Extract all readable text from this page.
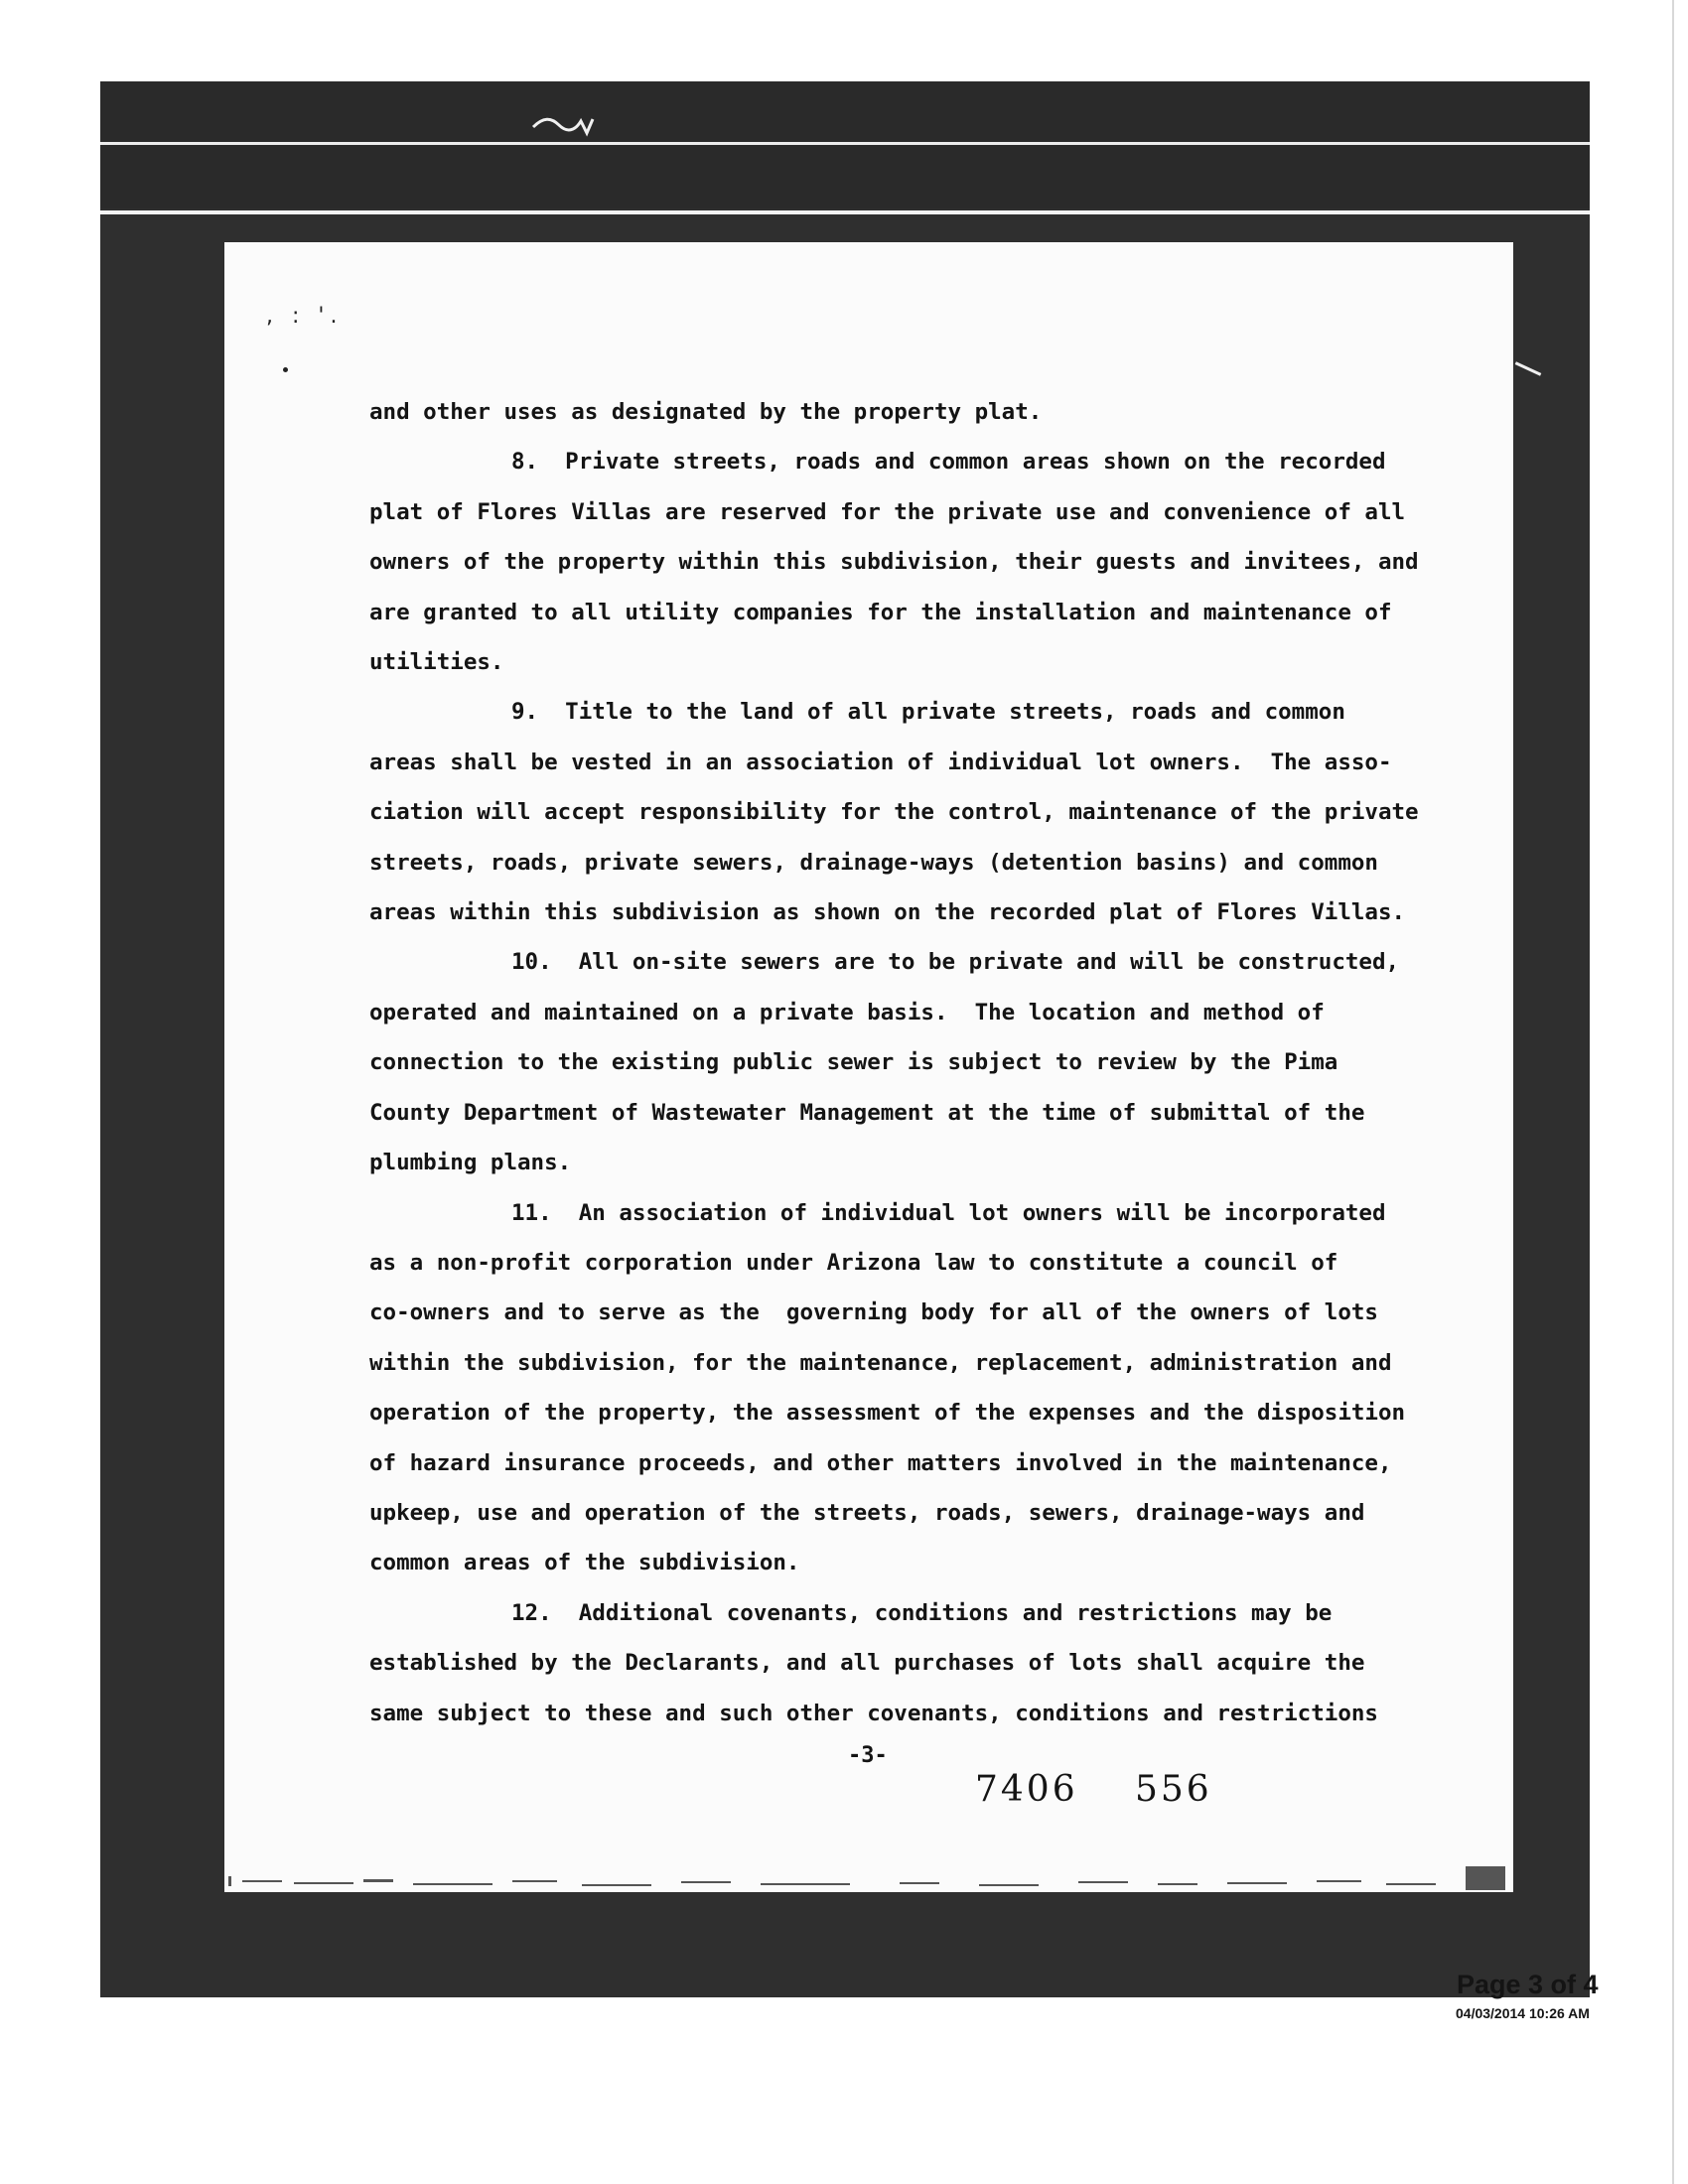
, : '.

and other uses as designated by the property plat.

8.  Private streets, roads and common areas shown on the recorded

plat of Flores Villas are reserved for the private use and convenience of all

owners of the property within this subdivision, their guests and invitees, and

are granted to all utility companies for the installation and maintenance of

utilities.

9.  Title to the land of all private streets, roads and common

areas shall be vested in an association of individual lot owners.  The asso-

ciation will accept responsibility for the control, maintenance of the private

streets, roads, private sewers, drainage-ways (detention basins) and common

areas within this subdivision as shown on the recorded plat of Flores Villas.

10.  All on-site sewers are to be private and will be constructed,

operated and maintained on a private basis.  The location and method of

connection to the existing public sewer is subject to review by the Pima

County Department of Wastewater Management at the time of submittal of the

plumbing plans.

11.  An association of individual lot owners will be incorporated

as a non-profit corporation under Arizona law to constitute a council of

co-owners and to serve as the  governing body for all of the owners of lots

within the subdivision, for the maintenance, replacement, administration and

operation of the property, the assessment of the expenses and the disposition

of hazard insurance proceeds, and other matters involved in the maintenance,

upkeep, use and operation of the streets, roads, sewers, drainage-ways and

common areas of the subdivision.

12.  Additional covenants, conditions and restrictions may be

established by the Declarants, and all purchases of lots shall acquire the

same subject to these and such other covenants, conditions and restrictions

-3-
7406 556
Page 3 of 4
04/03/2014 10:26 AM
